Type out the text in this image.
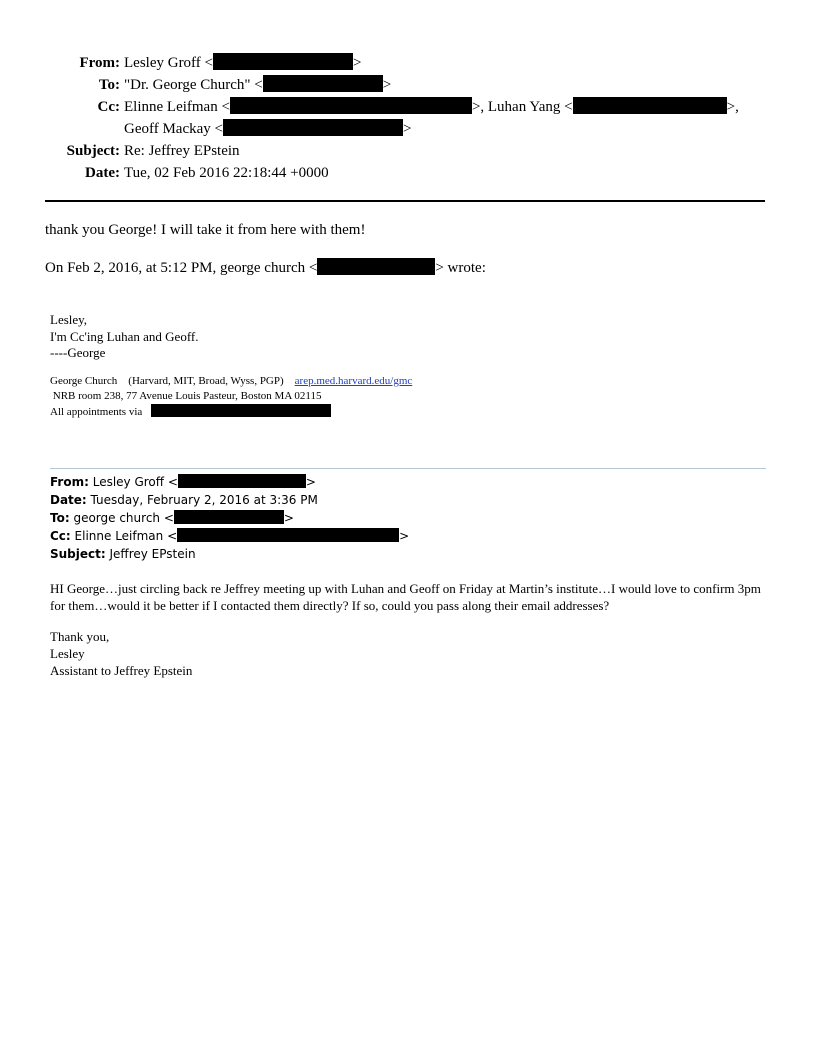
From: Lesley Groff <	>
To: "Dr. George Church" <	>
Cc: Elinne Leifman <	>, Luhan Yang <	>,
Geoff Mackay <	>
Subject: Re: Jeffrey EPstein
Date: Tue, 02 Feb 2016 22:18:44 +0000
thank you George! I will take it from here with them!
On Feb 2, 2016, at 5:12 PM, george church <	> wrote:
Lesley,
I'm Cc'ing Luhan and Geoff.
----George
George Church    (Harvard, MIT, Broad, Wyss, PGP)    arep.med.harvard.edu/gmc
NRB room 238, 77 Avenue Louis Pasteur, Boston MA 02115
All appointments via
From: Lesley Groff <	>
Date: Tuesday, February 2, 2016 at 3:36 PM
To: george church <	>
Cc: Elinne Leifman <	>
Subject: Jeffrey EPstein
HI George…just circling back re Jeffrey meeting up with Luhan and Geoff on Friday at Martin’s institute…I would love to confirm 3pm for them…would it be better if I contacted them directly? If so, could you pass along their email addresses?
Thank you,
Lesley
Assistant to Jeffrey Epstein
